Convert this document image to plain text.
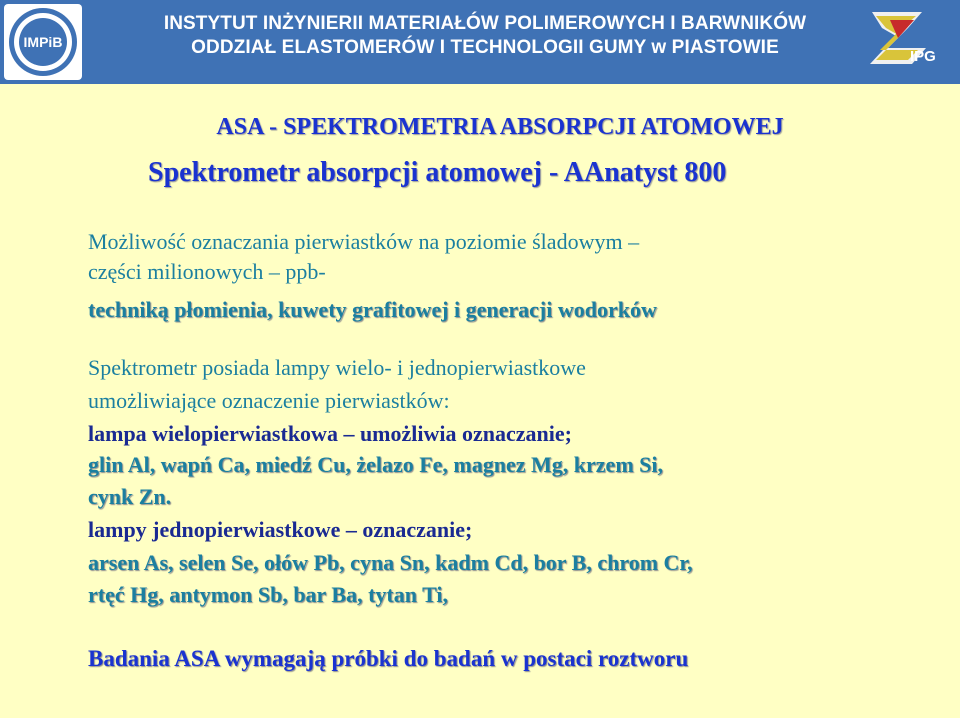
IMPiB
INSTYTUT INŻYNIERII MATERIAŁÓW POLIMEROWYCH I BARWNIKÓW
ODDZIAŁ ELASTOMERÓW I TECHNOLOGII GUMY w PIASTOWIE	IPG
ASA - SPEKTROMETRIA ABSORPCJI ATOMOWEJ
Spektrometr absorpcji atomowej - AAnatyst 800
Możliwość oznaczania pierwiastków na poziomie śladowym –
części milionowych – ppb-
techniką płomienia, kuwety grafitowej i generacji wodorków
Spektrometr posiada lampy wielo- i jednopierwiastkowe
umożliwiające oznaczenie pierwiastków:
lampa wielopierwiastkowa – umożliwia oznaczanie;
glin Al, wapń Ca, miedź Cu, żelazo Fe, magnez Mg, krzem Si,
cynk Zn.
lampy jednopierwiastkowe – oznaczanie;
arsen As, selen Se, ołów Pb, cyna Sn, kadm Cd, bor B, chrom Cr,
rtęć Hg, antymon Sb, bar Ba, tytan Ti,
Badania ASA wymagają próbki do badań w postaci roztworu
